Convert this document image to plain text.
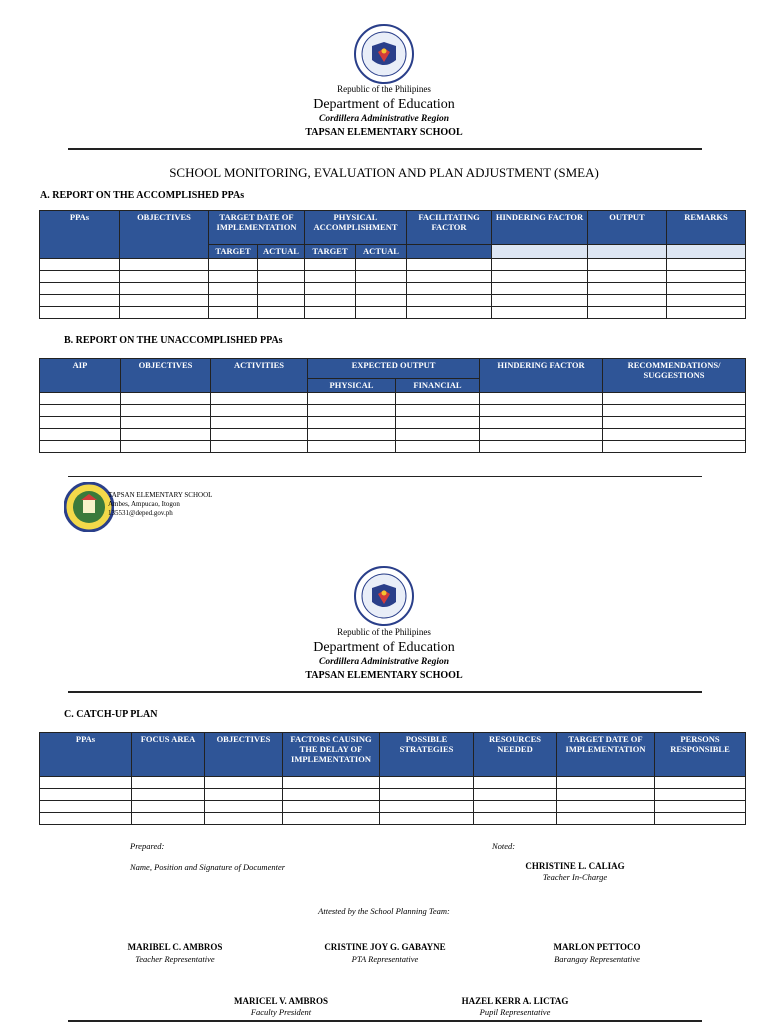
Republic of the Philipines
Department of Education
Cordillera Administrative Region
TAPSAN ELEMENTARY SCHOOL
SCHOOL MONITORING, EVALUATION AND PLAN ADJUSTMENT (SMEA)
A. REPORT ON THE ACCOMPLISHED PPAs
PPAs	OBJECTIVES	TARGET DATE OF IMPLEMENTATION		PHYSICAL ACCOMPLISHMENT		FACILITATING FACTOR	HINDERING FACTOR	OUTPUT	REMARKS
		TARGET	ACTUAL	TARGET	ACTUAL				

B. REPORT ON THE UNACCOMPLISHED PPAs
AIP	OBJECTIVES	ACTIVITIES	EXPECTED OUTPUT		HINDERING FACTOR	RECOMMENDATIONS/ SUGGESTIONS
			PHYSICAL	FINANCIAL		

TAPSAN ELEMENTARY SCHOOL
Ambes, Ampucao, Itogon
135531@deped.gov.ph
Republic of the Philipines
Department of Education
Cordillera Administrative Region
TAPSAN ELEMENTARY SCHOOL
C. CATCH-UP PLAN
PPAs	FOCUS AREA	OBJECTIVES	FACTORS CAUSING THE DELAY OF IMPLEMENTATION	POSSIBLE STRATEGIES	RESOURCES NEEDED	TARGET DATE OF IMPLEMENTATION	PERSONS RESPONSIBLE

Prepared:
Name, Position and Signature of Documenter
Noted:
CHRISTINE L. CALIAG
Teacher In-Charge
Attested by the School Planning Team:
MARIBEL C. AMBROS
Teacher Representative
CRISTINE JOY G. GABAYNE
PTA Representative
MARLON PETTOCO
Barangay Representative
MARICEL V. AMBROS
Faculty President
HAZEL KERR A. LICTAG
Pupil Representative
